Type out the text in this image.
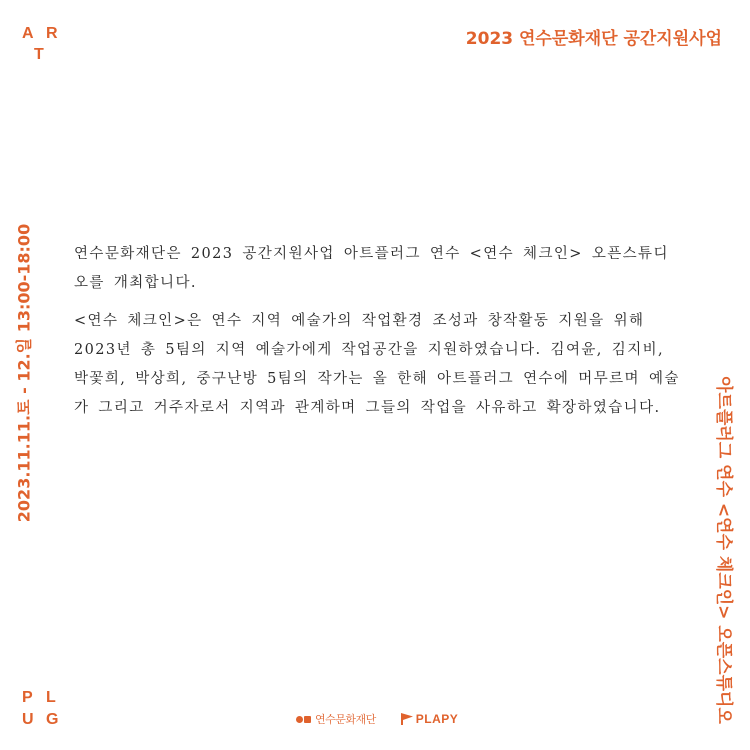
A R
T
2023 연수문화재단 공간지원사업
2023.11.11.토 - 12.일 13:00-18:00
아트플러그 연수 <연수 체크인> 오픈스튜디오

연수문화재단은 2023 공간지원사업 아트플러그 연수 <연수 체크인> 오픈스튜디오를 개최합니다.

<연수 체크인>은 연수 지역 예술가의 작업환경 조성과 창작활동 지원을 위해 2023년 총 5팀의 지역 예술가에게 작업공간을 지원하였습니다. 김여윤, 김지비, 박꽃희, 박상희, 중구난방 5팀의 작가는 올 한해 아트플러그 연수에 머무르며 예술가 그리고 거주자로서 지역과 관계하며 그들의 작업을 사유하고 확장하였습니다.

P L
U G	연수문화재단	PLAPY
